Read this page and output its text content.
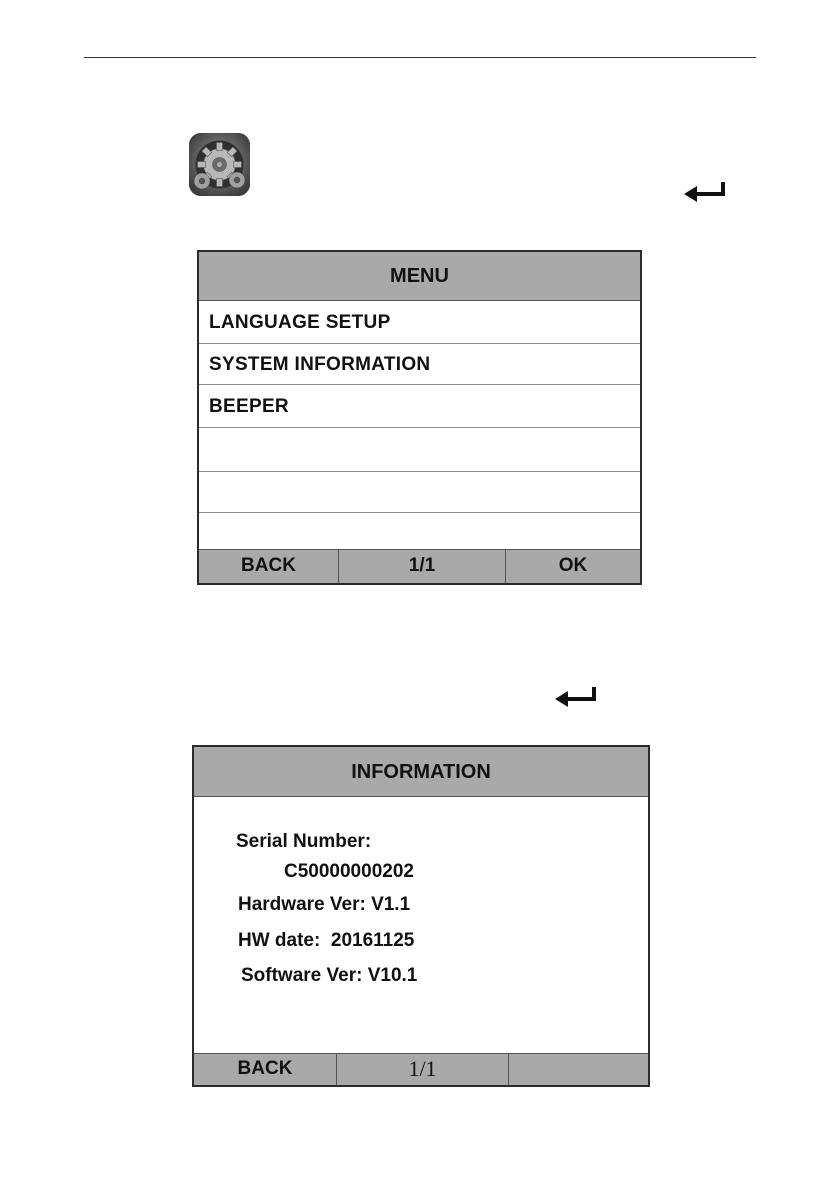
MENU
LANGUAGE SETUP
SYSTEM INFORMATION
BEEPER
BACK	1/1	OK
INFORMATION
Serial Number:
C50000000202
Hardware Ver: V1.1
HW date:  20161125
Software Ver: V10.1
BACK	1/1
